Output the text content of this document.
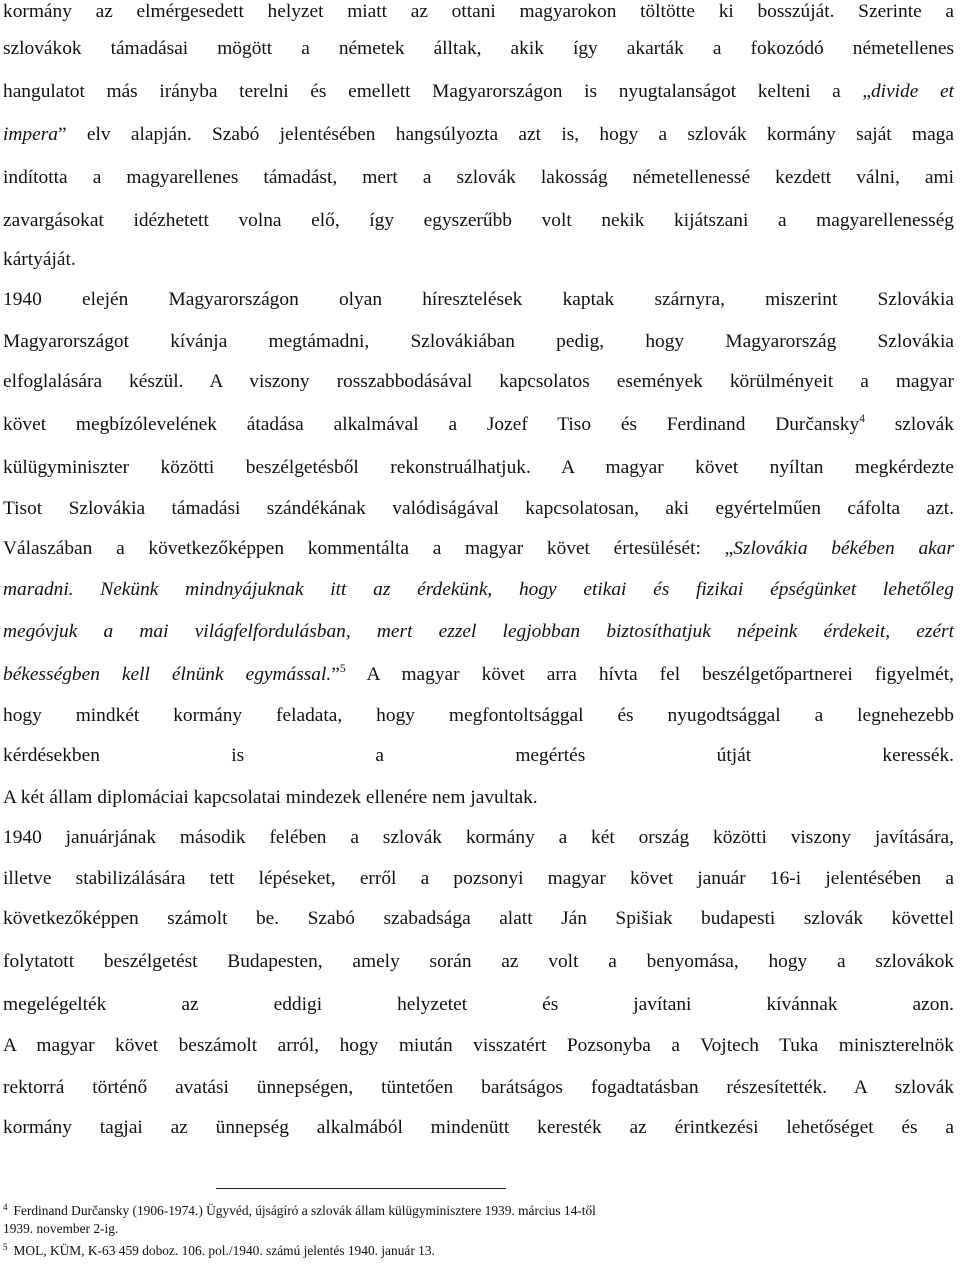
kormány az elmérgesedett helyzet miatt az ottani magyarokon töltötte ki bosszúját. Szerinte a
szlovákok támadásai mögött a németek álltak, akik így akarták a fokozódó németellenes
hangulatot más irányba terelni és emellett Magyarországon is nyugtalanságot kelteni a „divide et
impera” elv alapján. Szabó jelentésében hangsúlyozta azt is, hogy a szlovák kormány saját maga
indította a magyarellenes támadást, mert a szlovák lakosság németellenessé kezdett válni, ami
zavargásokat idézhetett volna elő, így egyszerűbb volt nekik kijátszani a magyarellenesség
kártyáját.
1940 elején Magyarországon olyan híresztelések kaptak szárnyra, miszerint Szlovákia
Magyarországot kívánja megtámadni, Szlovákiában pedig, hogy Magyarország Szlovákia
elfoglalására készül. A viszony rosszabbodásával kapcsolatos események körülményeit a magyar
követ megbízólevelének átadása alkalmával a Jozef Tiso és Ferdinand Durčansky$^4$ szlovák
külügyminiszter közötti beszélgetésből rekonstruálhatjuk. A magyar követ nyíltan megkérdezte
Tisot Szlovákia támadási szándékának valódiságával kapcsolatosan, aki egyértelműen cáfolta azt.
Válaszában a következőképpen kommentálta a magyar követ értesülését: „Szlovákia békében akar
maradni. Nekünk mindnyájuknak itt az érdekünk, hogy etikai és fizikai épségünket lehetőleg
megóvjuk a mai világfelfordulásban, mert ezzel legjobban biztosíthatjuk népeink érdekeit, ezért
békességben kell élnünk egymással.”$^5$ A magyar követ arra hívta fel beszélgetőpartnerei figyelmét,
hogy mindkét kormány feladata, hogy megfontoltsággal és nyugodtsággal a legnehezebb
kérdésekben is a megértés útját keressék.
A két állam diplomáciai kapcsolatai mindezek ellenére nem javultak.
1940 januárjának második felében a szlovák kormány a két ország közötti viszony javítására,
illetve stabilizálására tett lépéseket, erről a pozsonyi magyar követ január 16-i jelentésében a
következőképpen számolt be. Szabó szabadsága alatt Ján Spišiak budapesti szlovák követtel
folytatott beszélgetést Budapesten, amely során az volt a benyomása, hogy a szlovákok
megelégelték az eddigi helyzetet és javítani kívánnak azon.
A magyar követ beszámolt arról, hogy miután visszatért Pozsonyba a Vojtech Tuka miniszterelnök
rektorrá történő avatási ünnepségen, tüntetően barátságos fogadtatásban részesítették. A szlovák
kormány tagjai az ünnepség alkalmából mindenütt keresték az érintkezési lehetőséget és a
$^4$ Ferdinand Durčansky (1906-1974.) Ügyvéd, újságíró a szlovák állam külügyminisztere 1939. március 14-től
1939. november 2-ig.
$^5$ MOL, KÜM, K-63 459 doboz. 106. pol./1940. számú jelentés 1940. január 13.
